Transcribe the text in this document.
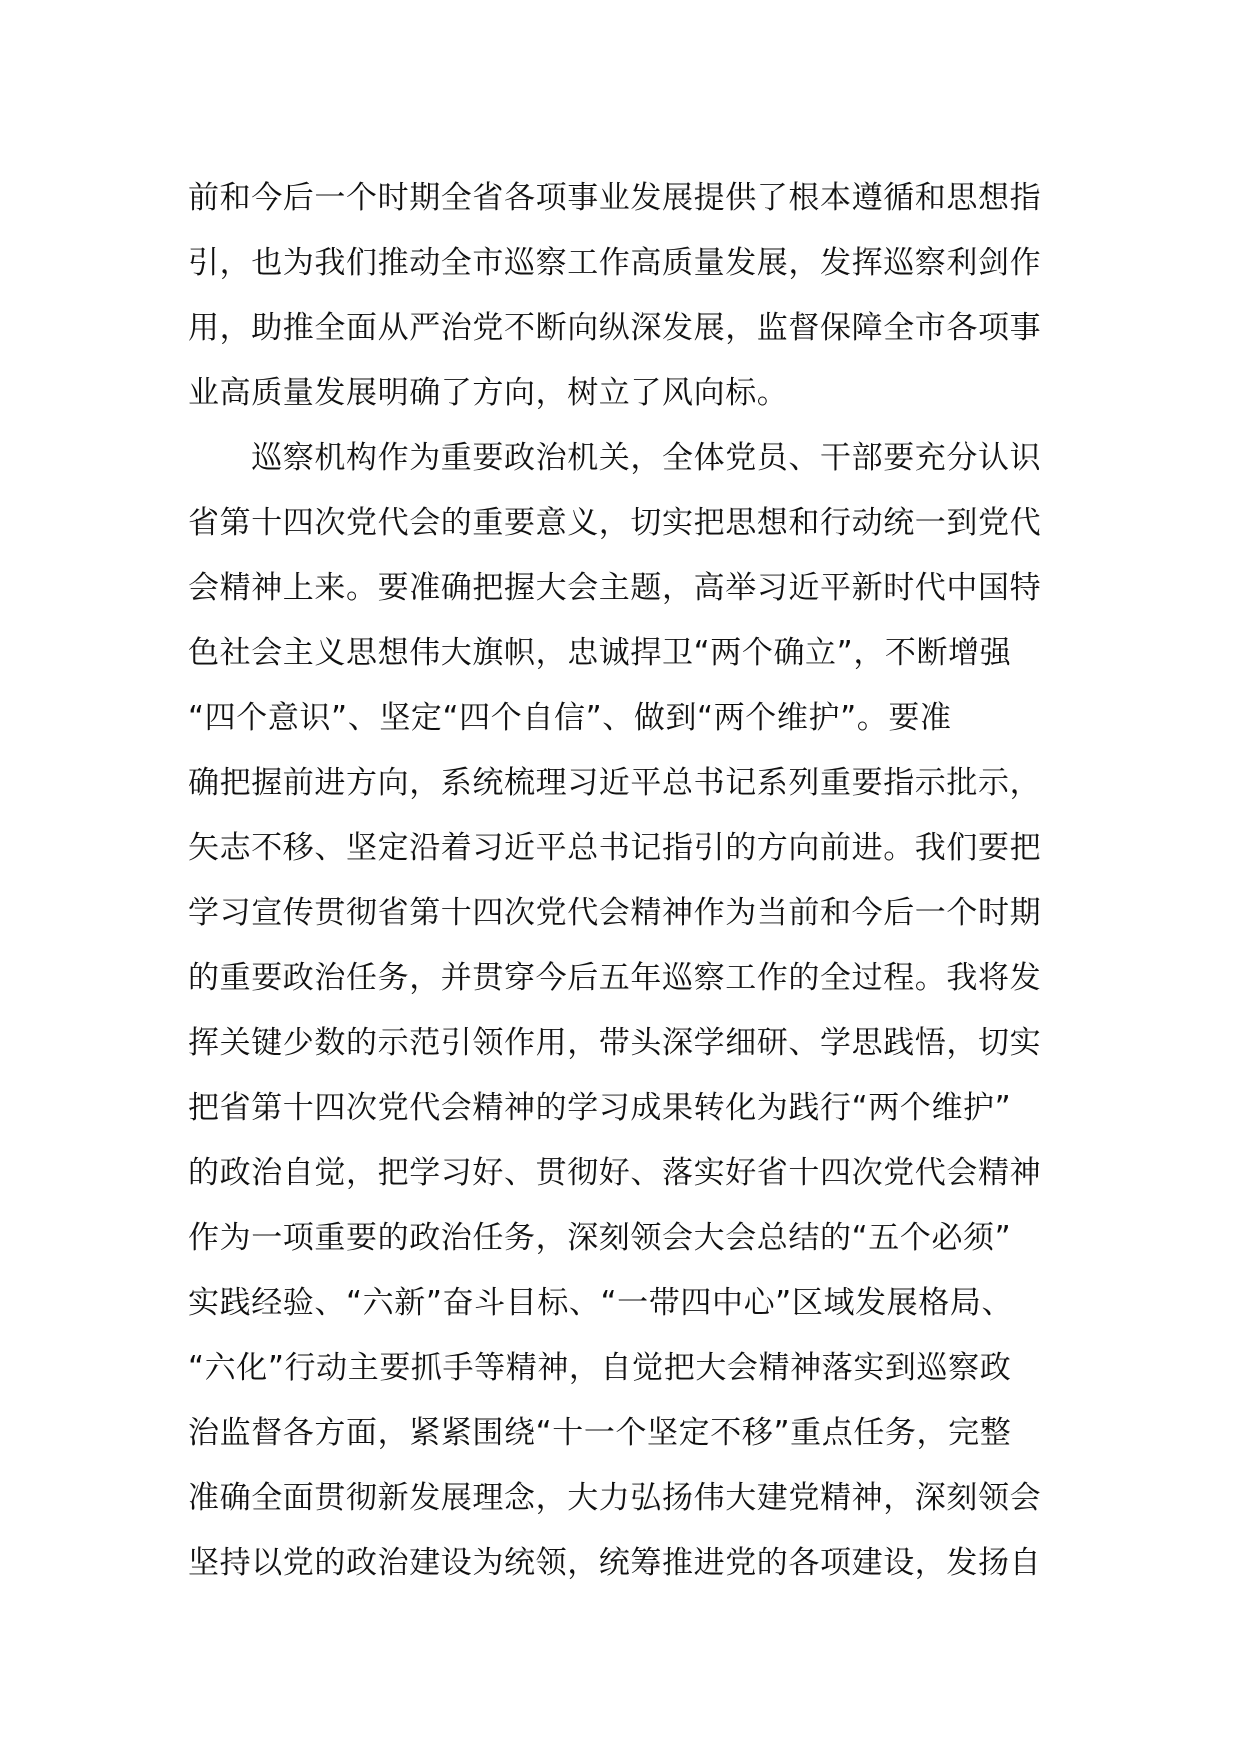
前和今后一个时期全省各项事业发展提供了根本遵循和思想指
引，也为我们推动全市巡察工作高质量发展，发挥巡察利剑作
用，助推全面从严治党不断向纵深发展，监督保障全市各项事
业高质量发展明确了方向，树立了风向标。
　　巡察机构作为重要政治机关，全体党员、干部要充分认识
省第十四次党代会的重要意义，切实把思想和行动统一到党代
会精神上来。要准确把握大会主题，高举习近平新时代中国特
色社会主义思想伟大旗帜，忠诚捍卫“两个确立”，不断增强
“四个意识”、坚定“四个自信”、做到“两个维护”。要准
确把握前进方向，系统梳理习近平总书记系列重要指示批示，
矢志不移、坚定沿着习近平总书记指引的方向前进。我们要把
学习宣传贯彻省第十四次党代会精神作为当前和今后一个时期
的重要政治任务，并贯穿今后五年巡察工作的全过程。我将发
挥关键少数的示范引领作用，带头深学细研、学思践悟，切实
把省第十四次党代会精神的学习成果转化为践行“两个维护”
的政治自觉，把学习好、贯彻好、落实好省十四次党代会精神
作为一项重要的政治任务，深刻领会大会总结的“五个必须”
实践经验、“六新”奋斗目标、“一带四中心”区域发展格局、
“六化”行动主要抓手等精神，自觉把大会精神落实到巡察政
治监督各方面，紧紧围绕“十一个坚定不移”重点任务，完整
准确全面贯彻新发展理念，大力弘扬伟大建党精神，深刻领会
坚持以党的政治建设为统领，统筹推进党的各项建设，发扬自
